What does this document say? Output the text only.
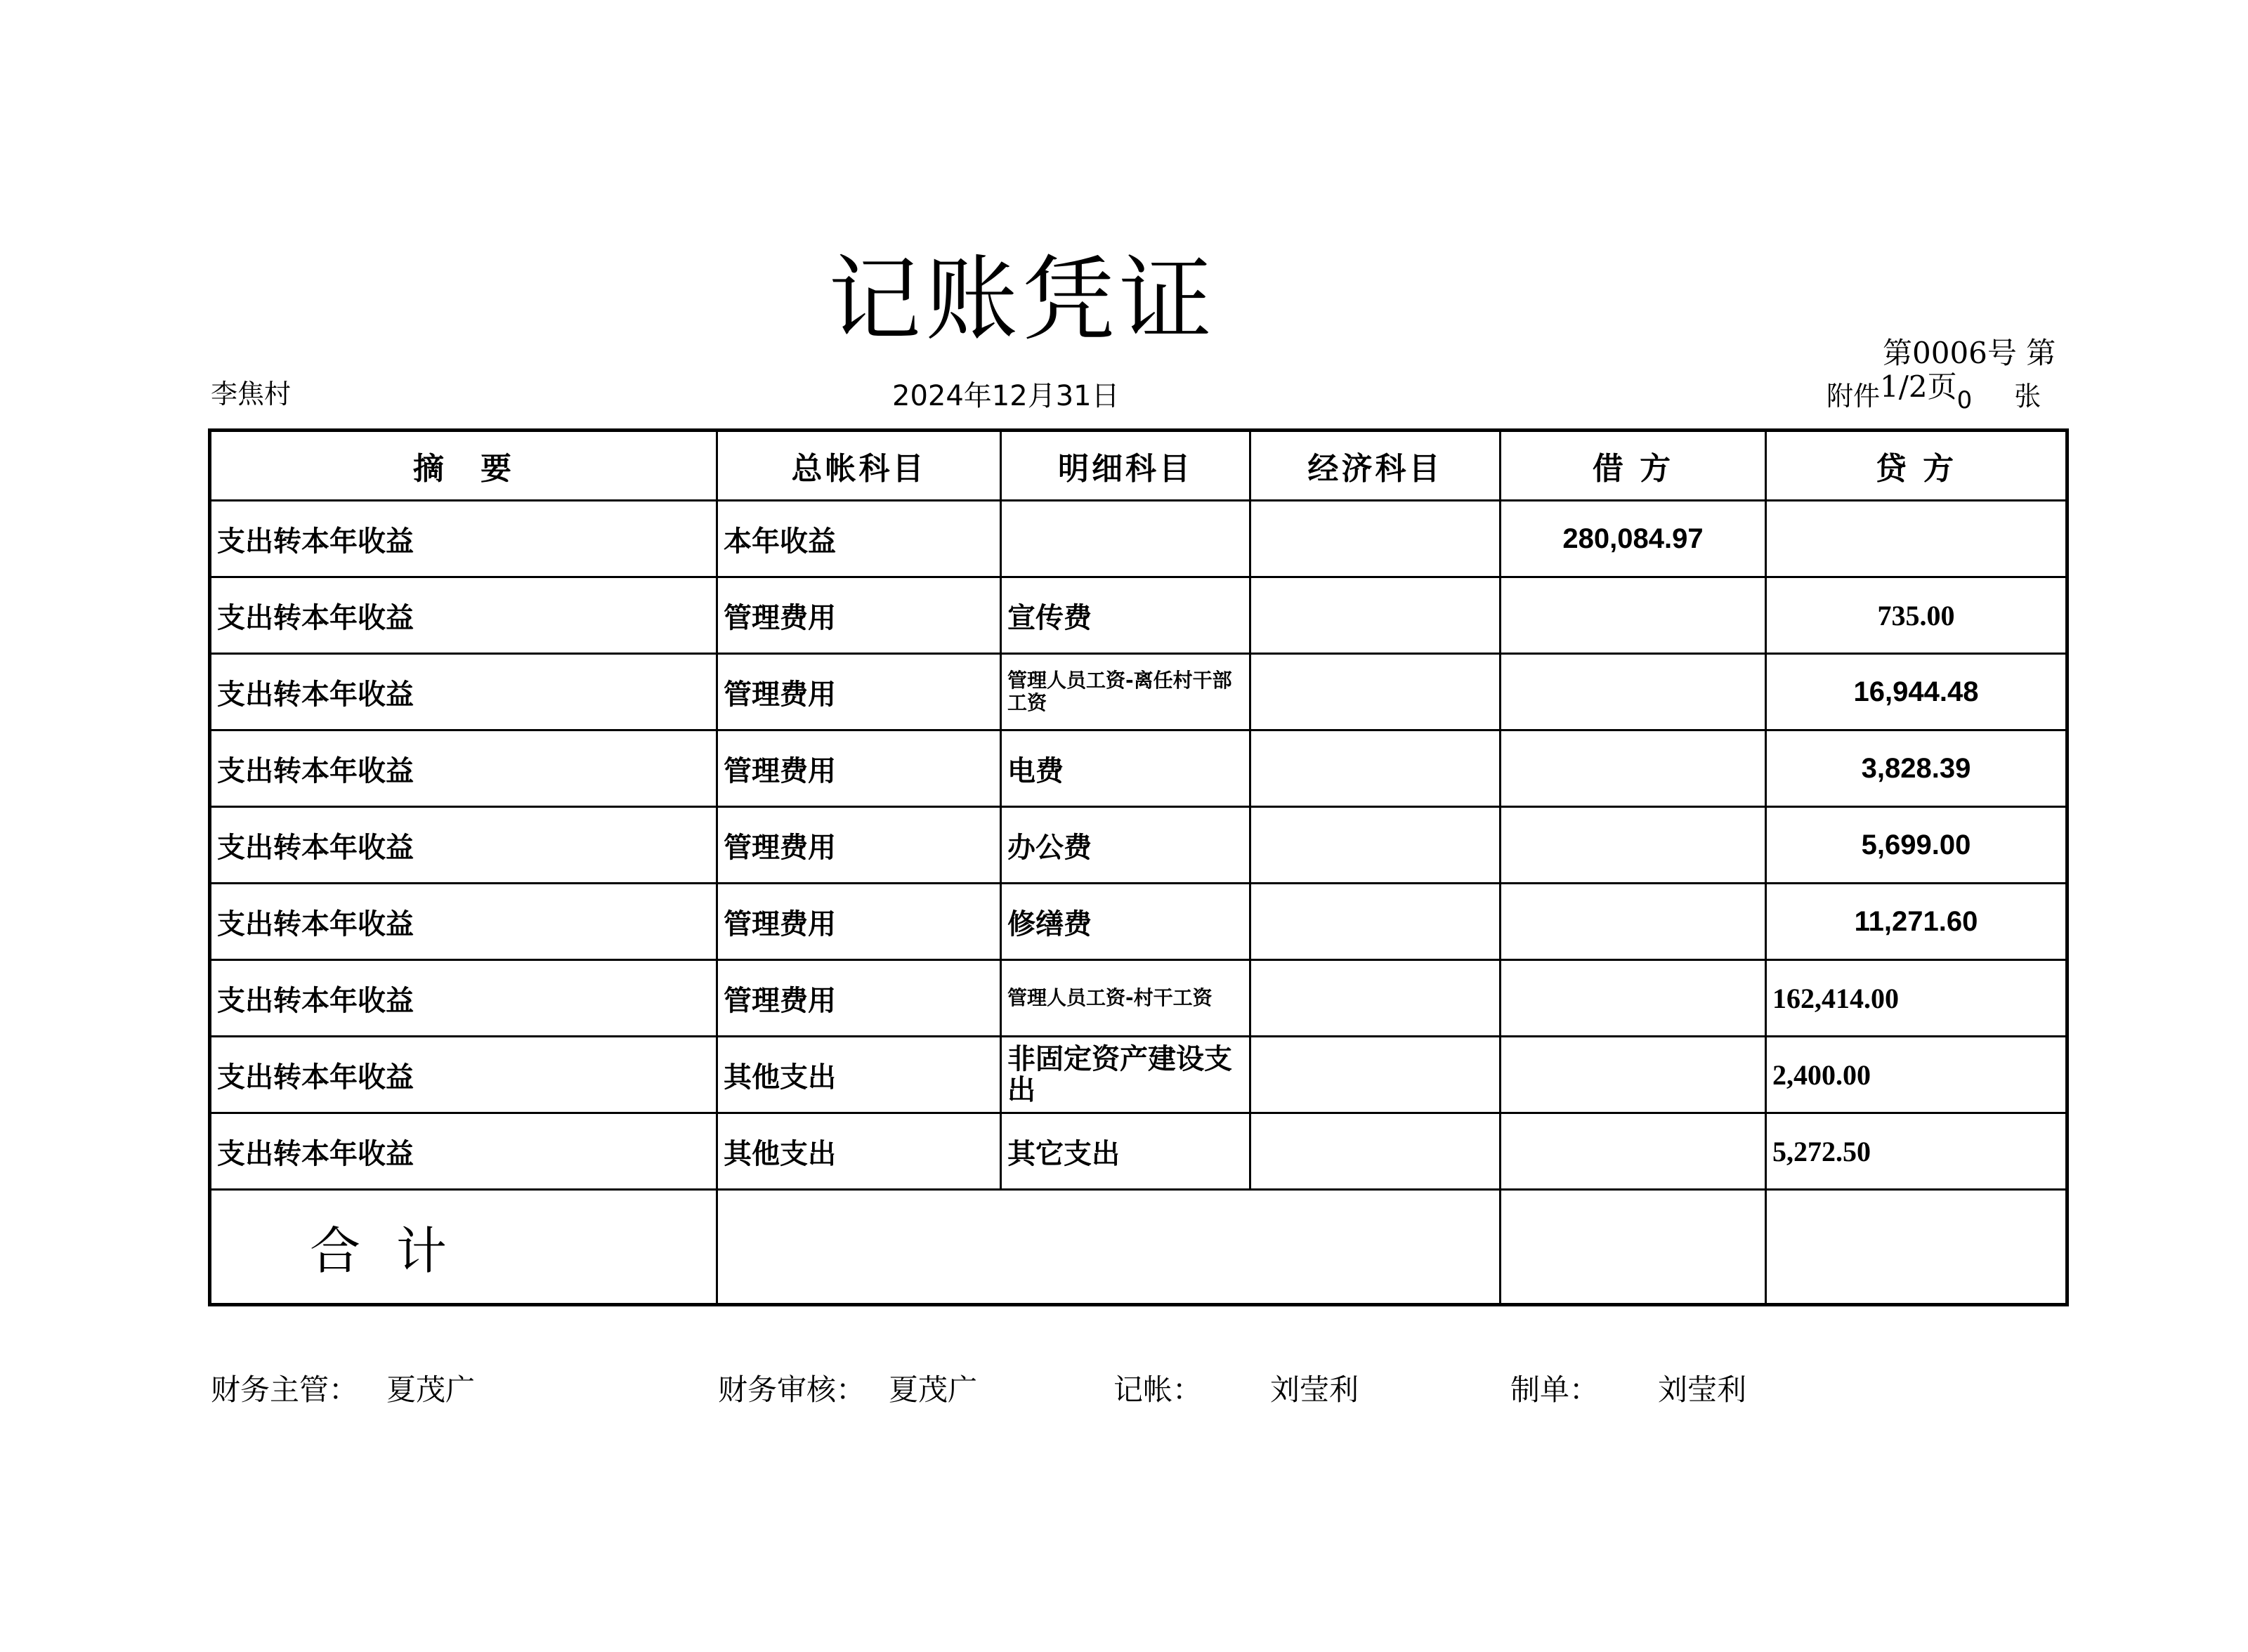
记账凭证
李焦村	2024年12月31日
第0006号 第
附件1/2页0 张
摘　要	总帐科目	明细科目	经济科目	借 方	贷 方
支出转本年收益	本年收益			280,084.97	
支出转本年收益	管理费用	宣传费			735.00
支出转本年收益	管理费用	管理人员工资-离任村干部工资			16,944.48
支出转本年收益	管理费用	电费			3,828.39
支出转本年收益	管理费用	办公费			5,699.00
支出转本年收益	管理费用	修缮费			11,271.60
支出转本年收益	管理费用	管理人员工资-村干工资			162,414.00
支出转本年收益	其他支出	非固定资产建设支出			2,400.00
支出转本年收益	其他支出	其它支出			5,272.50
合 计					
财务主管： 夏茂广	财务审核： 夏茂广	记帐： 刘莹利	制单： 刘莹利
